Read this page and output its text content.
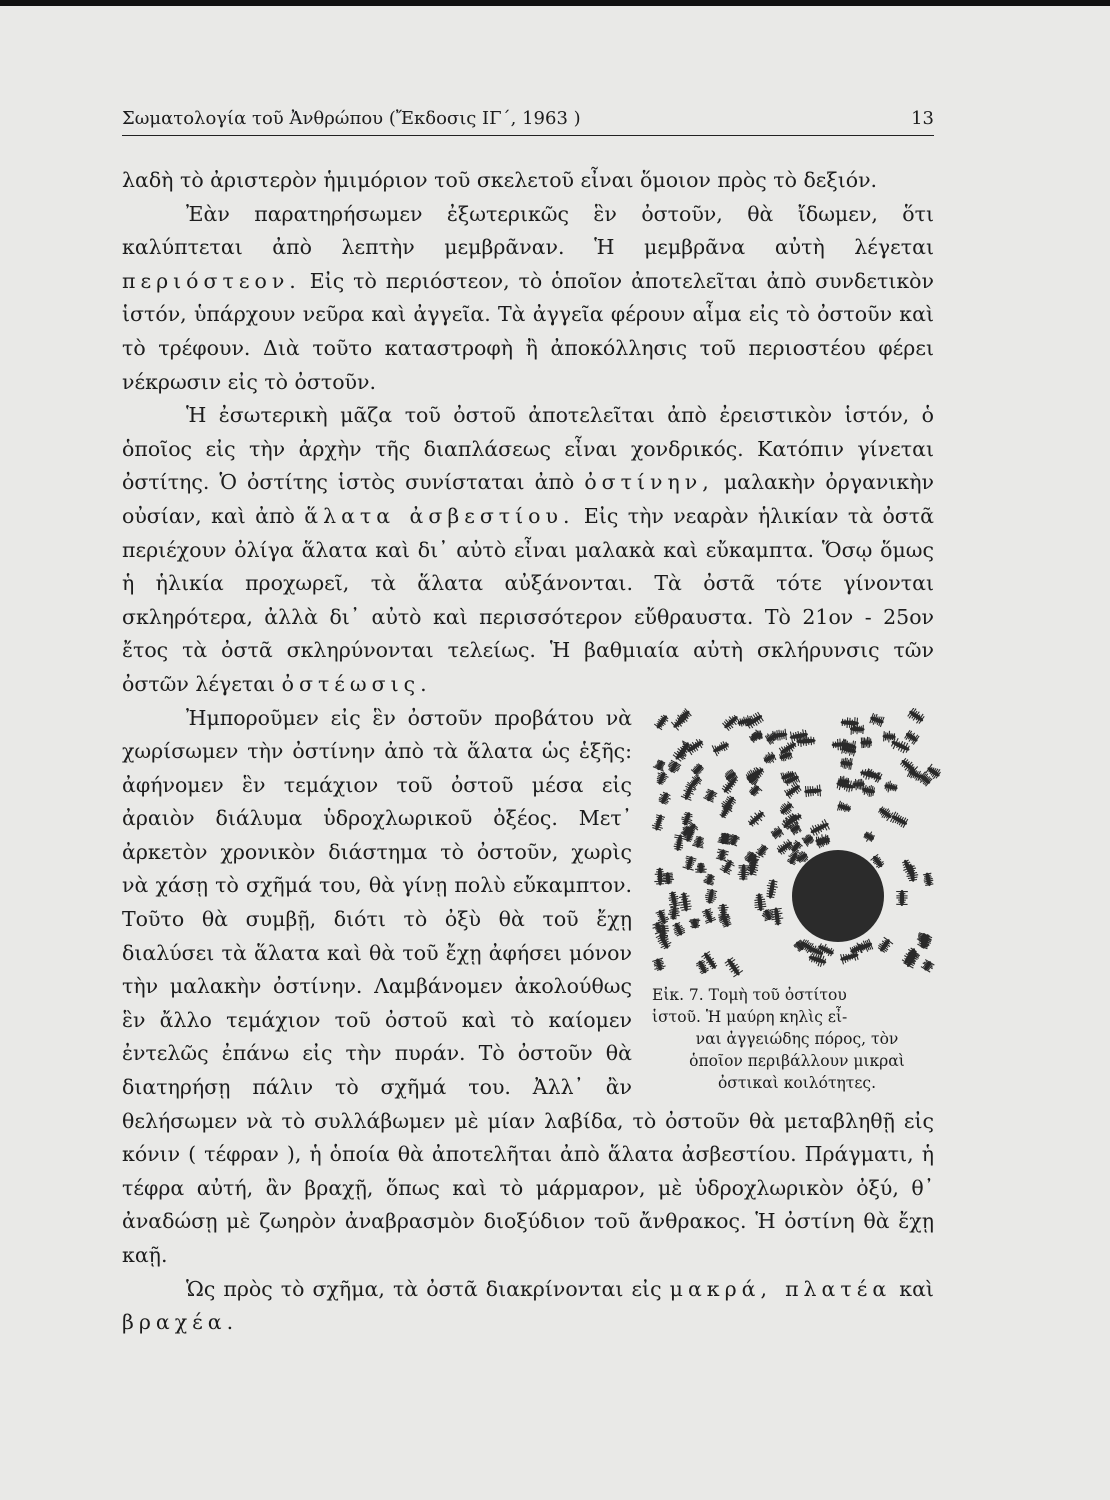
Σωματολογία τοῦ Ἀνθρώπου (Ἔκδοσις ΙΓ΄, 1963 )	13

λαδὴ τὸ ἀριστερὸν ἡμιμόριον τοῦ σκελετοῦ εἶναι ὅμοιον πρὸς τὸ δεξιόν.

Ἐὰν παρατηρήσωμεν ἐξωτερικῶς ἓν ὀστοῦν, θὰ ἴδωμεν, ὅτι καλύπτεται ἀπὸ λεπτὴν μεμβρᾶναν. Ἡ μεμβρᾶνα αὐτὴ λέγεται περιόστεον. Εἰς τὸ περιόστεον, τὸ ὁποῖον ἀποτελεῖται ἀπὸ συνδετικὸν ἱστόν, ὑπάρχουν νεῦρα καὶ ἀγγεῖα. Τὰ ἀγγεῖα φέρουν αἷμα εἰς τὸ ὀστοῦν καὶ τὸ τρέφουν. Διὰ τοῦτο καταστροφὴ ἢ ἀποκόλλησις τοῦ περιοστέου φέρει νέκρωσιν εἰς τὸ ὀστοῦν.

Ἡ ἐσωτερικὴ μᾶζα τοῦ ὀστοῦ ἀποτελεῖται ἀπὸ ἐρειστικὸν ἱστόν, ὁ ὁποῖος εἰς τὴν ἀρχὴν τῆς διαπλάσεως εἶναι χονδρικός. Κατόπιν γίνεται ὀστίτης. Ὁ ὀστίτης ἱστὸς συνίσταται ἀπὸ ὀστίνην, μαλακὴν ὀργανικὴν οὐσίαν, καὶ ἀπὸ ἅλατα ἀσβεστίου. Εἰς τὴν νεαρὰν ἡλικίαν τὰ ὀστᾶ περιέχουν ὀλίγα ἅλατα καὶ δι᾽ αὐτὸ εἶναι μαλακὰ καὶ εὔκαμπτα. Ὅσῳ ὅμως ἡ ἡλικία προχωρεῖ, τὰ ἅλατα αὐξάνονται. Τὰ ὀστᾶ τότε γίνονται σκληρότερα, ἀλλὰ δι᾽ αὐτὸ καὶ περισσότερον εὔθραυστα. Τὸ 21ον - 25ον ἔτος τὰ ὀστᾶ σκληρύνονται τελείως. Ἡ βαθμιαία αὐτὴ σκλήρυνσις τῶν ὀστῶν λέγεται ὀστέωσις.

Εἰκ. 7. Τομὴ τοῦ ὀστίτου
ἱστοῦ. Ἡ μαύρη κηλὶς εἶ-
ναι ἀγγειώδης πόρος, τὸν
ὁποῖον περιβάλλουν μικραὶ
ὀστικαὶ κοιλότητες.

Ἠμποροῦμεν εἰς ἓν ὀστοῦν προβάτου νὰ χωρίσωμεν τὴν ὀστίνην ἀπὸ τὰ ἅλατα ὡς ἑξῆς: ἀφήνομεν ἓν τεμάχιον τοῦ ὀστοῦ μέσα εἰς ἀραιὸν διάλυμα ὑδροχλωρικοῦ ὀξέος. Μετ᾽ ἀρκετὸν χρονικὸν διάστημα τὸ ὀστοῦν, χωρὶς νὰ χάσῃ τὸ σχῆμά του, θὰ γίνῃ πολὺ εὔκαμπτον. Τοῦτο θὰ συμβῇ, διότι τὸ ὀξὺ θὰ τοῦ ἔχῃ διαλύσει τὰ ἅλατα καὶ θὰ τοῦ ἔχῃ ἀφήσει μόνον τὴν μαλακὴν ὀστίνην. Λαμβάνομεν ἀκολούθως ἓν ἄλλο τεμάχιον τοῦ ὀστοῦ καὶ τὸ καίομεν ἐντελῶς ἐπάνω εἰς τὴν πυράν. Τὸ ὀστοῦν θὰ διατηρήσῃ πάλιν τὸ σχῆμά του. Ἀλλ᾽ ἂν θελήσωμεν νὰ τὸ συλλάβωμεν μὲ μίαν λαβίδα, τὸ ὀστοῦν θὰ μεταβληθῇ εἰς κόνιν ( τέφραν ), ἡ ὁποία θὰ ἀποτελῆται ἀπὸ ἅλατα ἀσβεστίου. Πράγματι, ἡ τέφρα αὐτή, ἂν βραχῇ, ὅπως καὶ τὸ μάρμαρον, μὲ ὑδροχλωρικὸν ὀξύ, θ᾽ ἀναδώσῃ μὲ ζωηρὸν ἀναβρασμὸν διοξύδιον τοῦ ἄνθρακος. Ἡ ὀστίνη θὰ ἔχῃ καῇ.

Ὡς πρὸς τὸ σχῆμα, τὰ ὀστᾶ διακρίνονται εἰς μακρά, πλατέα καὶ βραχέα.
